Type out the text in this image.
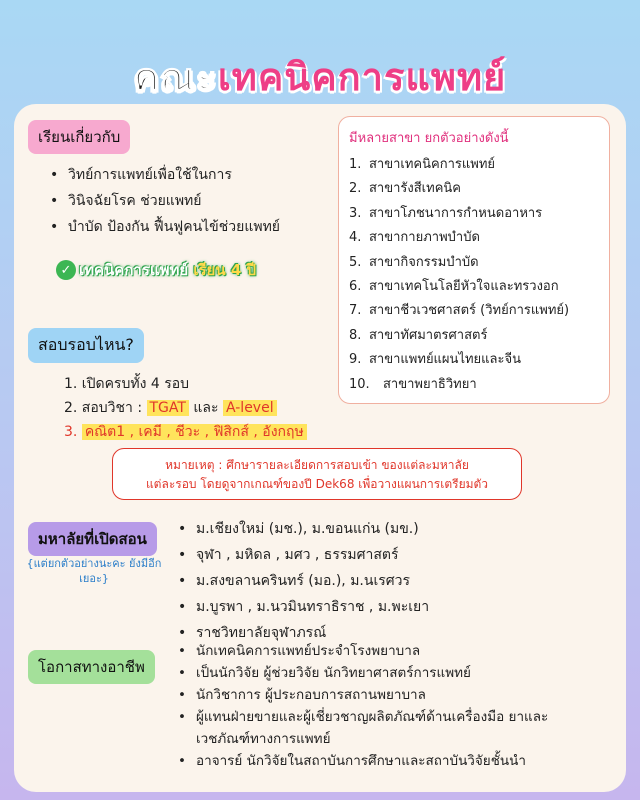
คณะเทคนิคการแพทย์
เรียนเกี่ยวกับ
• วิทย์การแพทย์เพื่อใช้ในการ
• วินิจฉัยโรค ช่วยแพทย์
• บำบัด ป้องกัน ฟื้นฟูคนไข้ช่วยแพทย์
✓ เทคนิคการแพทย์
เรียน 4 ปี
มีหลายสาขา ยกตัวอย่างดังนี้
1. สาขาเทคนิคการแพทย์
2. สาขารังสีเทคนิค
3. สาขาโภชนาการกำหนดอาหาร
4. สาขากายภาพบำบัด
5. สาขากิจกรรมบำบัด
6. สาขาเทคโนโลยีหัวใจและทรวงอก
7. สาขาชีวเวชศาสตร์ (วิทย์การแพทย์)
8. สาขาทัศมาตรศาสตร์
9. สาขาแพทย์แผนไทยและจีน
10. สาขาพยาธิวิทยา
สอบรอบไหน?
1. เปิดครบทั้ง 4 รอบ
2. สอบวิชา : TGAT และ A-level
3. คณิต1 , เคมี , ชีวะ , ฟิสิกส์ , อังกฤษ
หมายเหตุ : ศึกษารายละเอียดการสอบเข้า ของแต่ละมหาลัย
แต่ละรอบ โดยดูจากเกณฑ์ของปี Dek68 เพื่อวางแผนการเตรียมตัว
มหาลัยที่เปิดสอน
{แต่ยกตัวอย่างนะคะ ยังมีอีกเยอะ}
• ม.เชียงใหม่ (มช.), ม.ขอนแก่น (มข.)
• จุฬา , มหิดล , มศว , ธรรมศาสตร์
• ม.สงขลานครินทร์ (มอ.), ม.นเรศวร
• ม.บูรพา , ม.นวมินทราธิราช , ม.พะเยา
• ราชวิทยาลัยจุฬาภรณ์
โอกาสทางอาชีพ
• นักเทคนิคการแพทย์ประจำโรงพยาบาล
• เป็นนักวิจัย ผู้ช่วยวิจัย นักวิทยาศาสตร์การแพทย์
• นักวิชาการ ผู้ประกอบการสถานพยาบาล
• ผู้แทนฝ่ายขายและผู้เชี่ยวชาญผลิตภัณฑ์ด้านเครื่องมือ ยาและ
เวชภัณฑ์ทางการแพทย์
• อาจารย์ นักวิจัยในสถาบันการศึกษาและสถาบันวิจัยชั้นนำ
